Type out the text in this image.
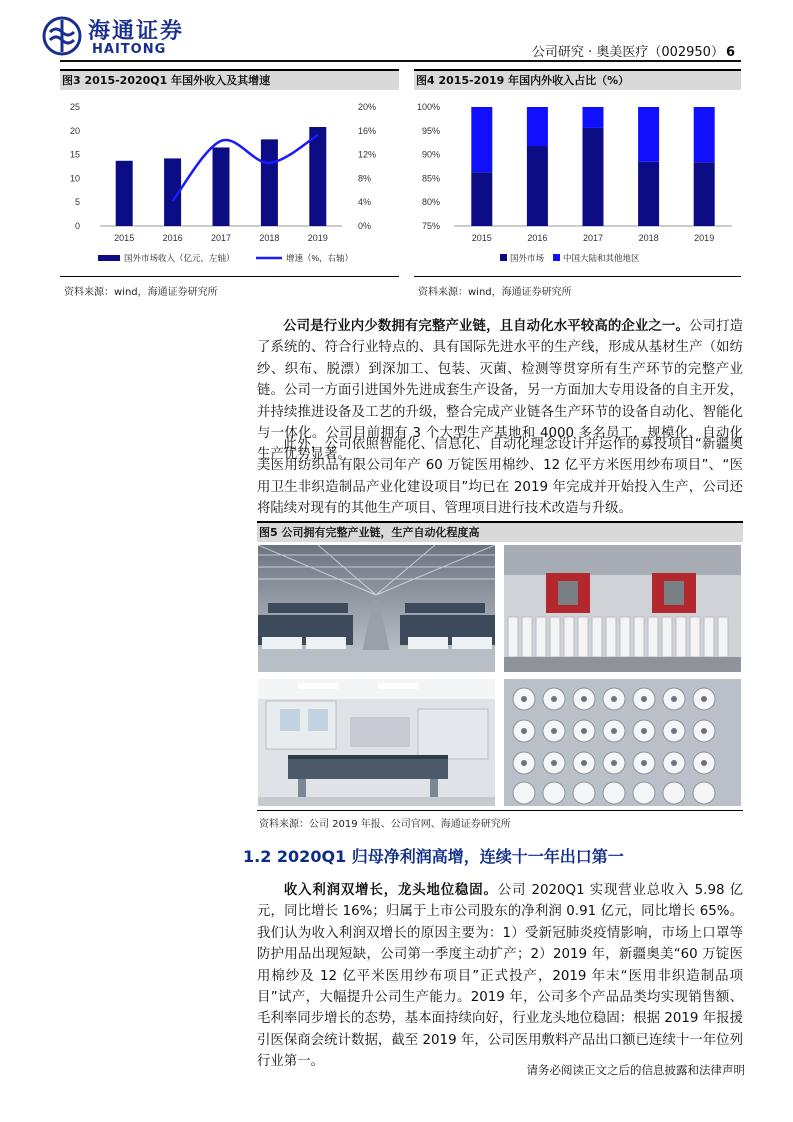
海通证券
HAITONG	公司研究 · 奥美医疗（002950） 6
图3 2015-2020Q1 年国外收入及其增速
0
5
10
15
20
25
0%
4%
8%
12%
16%
20%
2015	2016	2017	2018	2019
国外市场收入（亿元，左轴）	增速（%，右轴）
资料来源：wind，海通证券研究所
图4 2015-2019 年国内外收入占比（%）
75%
80%
85%
90%
95%
100%
2015	2016	2017	2018	2019
国外市场 中国大陆和其他地区
资料来源：wind，海通证券研究所
公司是行业内少数拥有完整产业链，且自动化水平较高的企业之一。公司打造了系统的、符合行业特点的、具有国际先进水平的生产线，形成从基材生产（如纺纱、织布、脱漂）到深加工、包装、灭菌、检测等贯穿所有生产环节的完整产业链。公司一方面引进国外先进成套生产设备，另一方面加大专用设备的自主开发，并持续推进设备及工艺的升级，整合完成产业链各生产环节的设备自动化、智能化与一体化。公司目前拥有 3 个大型生产基地和 4000 多名员工，规模化、自动化生产优势显著。
此外，公司依照智能化、信息化、自动化理念设计并运作的募投项目“新疆奥美医用纺织品有限公司年产 60 万锭医用棉纱、12 亿平方米医用纱布项目”、“医用卫生非织造制品产业化建设项目”均已在 2019 年完成并开始投入生产，公司还将陆续对现有的其他生产项目、管理项目进行技术改造与升级。
图5 公司拥有完整产业链，生产自动化程度高
资料来源：公司 2019 年报、公司官网、海通证券研究所
1.2 2020Q1 归母净利润高增，连续十一年出口第一
收入利润双增长，龙头地位稳固。公司 2020Q1 实现营业总收入 5.98 亿元，同比增长 16%；归属于上市公司股东的净利润 0.91 亿元，同比增长 65%。我们认为收入利润双增长的原因主要为：1）受新冠肺炎疫情影响，市场上口罩等防护用品出现短缺，公司第一季度主动扩产；2）2019 年，新疆奥美“60 万锭医用棉纱及 12 亿平米医用纱布项目”正式投产，2019 年末“医用非织造制品项目”试产，大幅提升公司生产能力。2019 年，公司多个产品品类均实现销售额、毛利率同步增长的态势，基本面持续向好，行业龙头地位稳固：根据 2019 年报援引医保商会统计数据，截至 2019 年，公司医用敷料产品出口额已连续十一年位列行业第一。
请务必阅读正文之后的信息披露和法律声明
